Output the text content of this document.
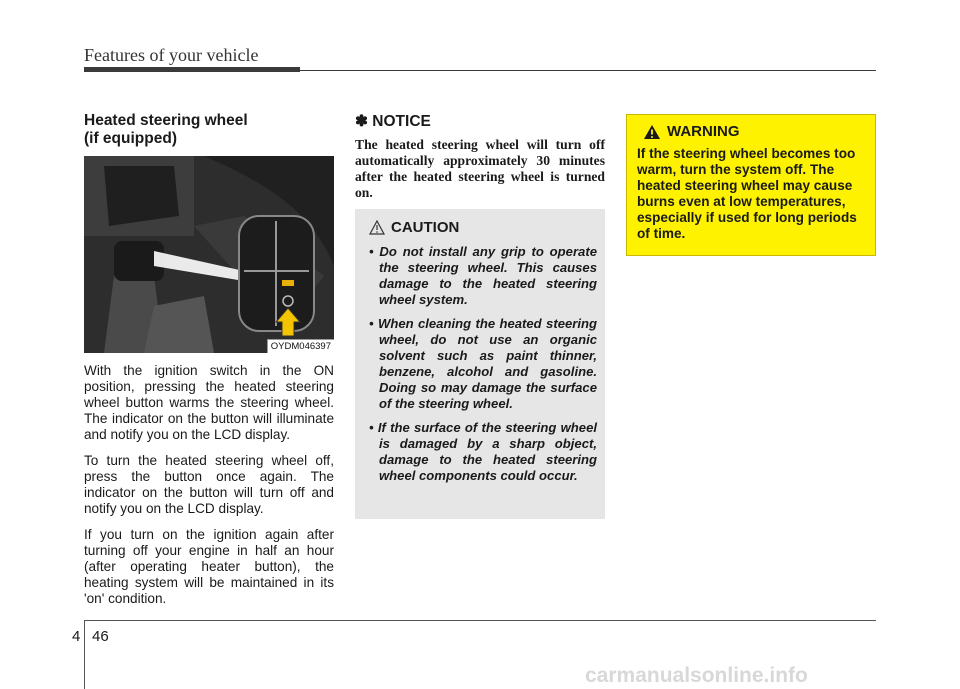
Features of your vehicle
Heated steering wheel
(if equipped)
OYDM046397

With the ignition switch in the ON position, pressing the heated steering wheel button warms the steering wheel. The indicator on the button will illuminate and notify you on the LCD display.

To turn the heated steering wheel off, press the button once again. The indicator on the button will turn off and notify you on the LCD display.

If you turn on the ignition again after turning off your engine in half an hour (after operating heater button), the heating system will be maintained in its 'on' condition.

✽ NOTICE
The heated steering wheel will turn off automatically approximately 30 minutes after the heated steering wheel is turned on.
CAUTION
• Do not install any grip to operate the steering wheel. This causes damage to the heated steering wheel system.
• When cleaning the heated steering wheel, do not use an organic solvent such as paint thinner, benzene, alcohol and gasoline. Doing so may damage the surface of the steering wheel.
• If the surface of the steering wheel is damaged by a sharp object, damage to the heated steering wheel components could occur.
WARNING
If the steering wheel becomes too warm, turn the system off. The heated steering wheel may cause burns even at low temperatures, especially if used for long periods of time.
4 46
carmanualsonline.info
